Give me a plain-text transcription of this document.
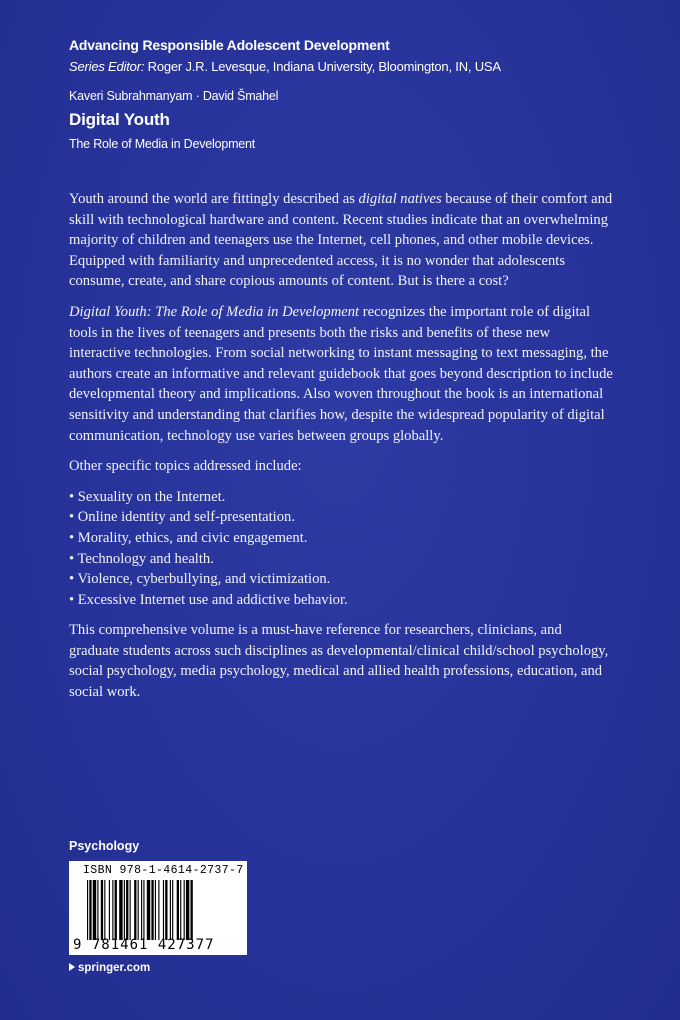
Advancing Responsible Adolescent Development
Series Editor: Roger J.R. Levesque, Indiana University, Bloomington, IN, USA
Kaveri Subrahmanyam · David Šmahel
Digital Youth
The Role of Media in Development

Youth around the world are fittingly described as digital natives because of their comfort and skill with technological hardware and content. Recent studies indicate that an overwhelming majority of children and teenagers use the Internet, cell phones, and other mobile devices. Equipped with familiarity and unprecedented access, it is no wonder that adolescents consume, create, and share copious amounts of content. But is there a cost?

Digital Youth: The Role of Media in Development recognizes the important role of digital tools in the lives of teenagers and presents both the risks and benefits of these new interactive technologies. From social networking to instant messaging to text messaging, the authors create an informative and relevant guidebook that goes beyond description to include developmental theory and implications. Also woven throughout the book is an international sensitivity and understanding that clarifies how, despite the widespread popularity of digital communication, technology use varies between groups globally.

Other specific topics addressed include:

• Sexuality on the Internet.
• Online identity and self-presentation.
• Morality, ethics, and civic engagement.
• Technology and health.
• Violence, cyberbullying, and victimization.
• Excessive Internet use and addictive behavior.

This comprehensive volume is a must-have reference for researchers, clinicians, and graduate students across such disciplines as developmental/clinical child/school psychology, social psychology, media psychology, medical and allied health professions, education, and social work.

Psychology
ISBN 978-1-4614-2737-7
9 781461 427377
springer.com
